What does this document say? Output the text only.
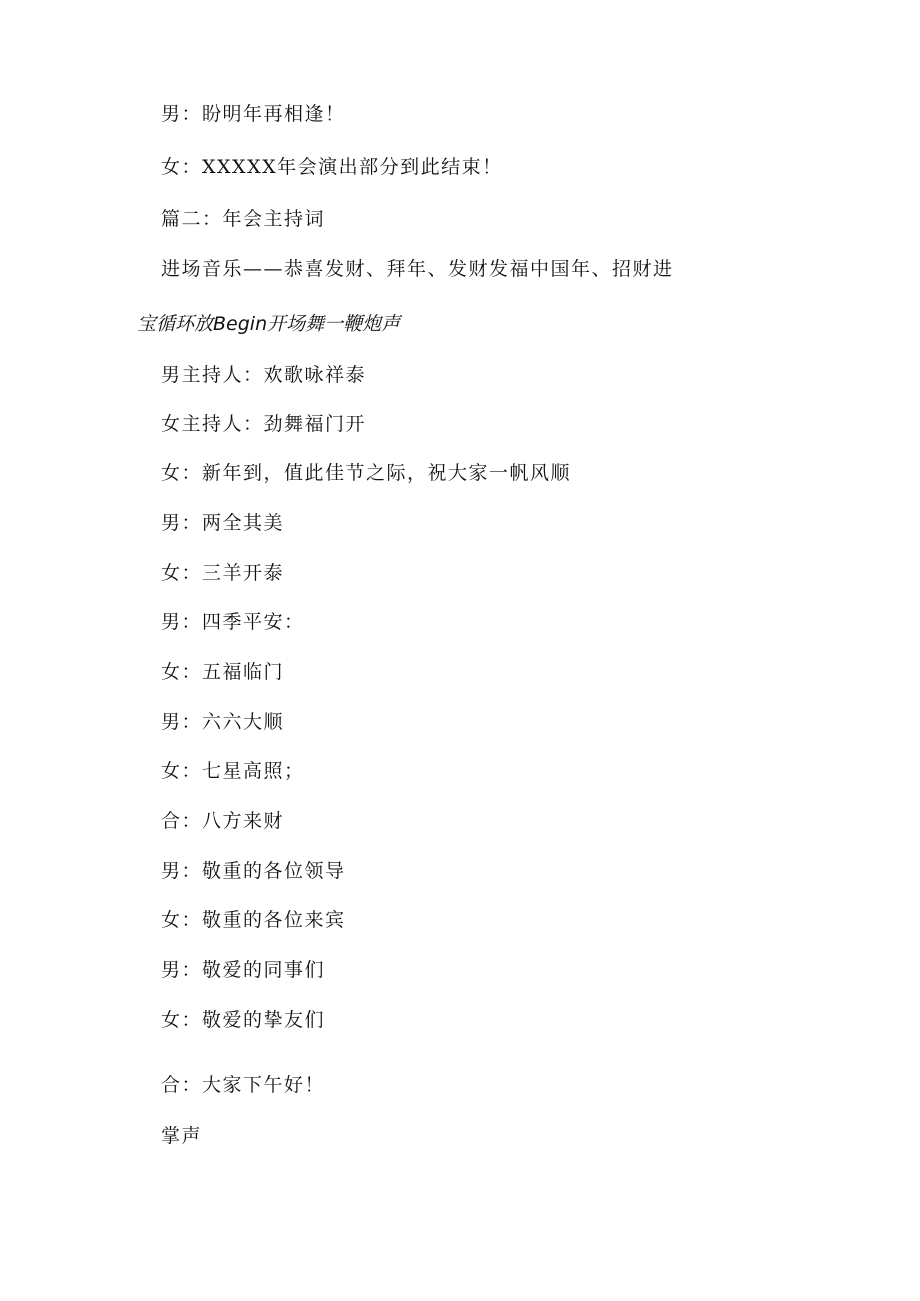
男：盼明年再相逢！
女：XXXXX年会演出部分到此结束！
篇二：年会主持词
进场音乐——恭喜发财、拜年、发财发福中国年、招财进
宝循环放Begin开场舞一鞭炮声
男主持人：欢歌咏祥泰
女主持人：劲舞福门开
女：新年到，值此佳节之际，祝大家一帆风顺
男：两全其美
女：三羊开泰
男：四季平安：
女：五福临门
男：六六大顺
女：七星高照；
合：八方来财
男：敬重的各位领导
女：敬重的各位来宾
男：敬爱的同事们
女：敬爱的挚友们
合：大家下午好！
掌声
